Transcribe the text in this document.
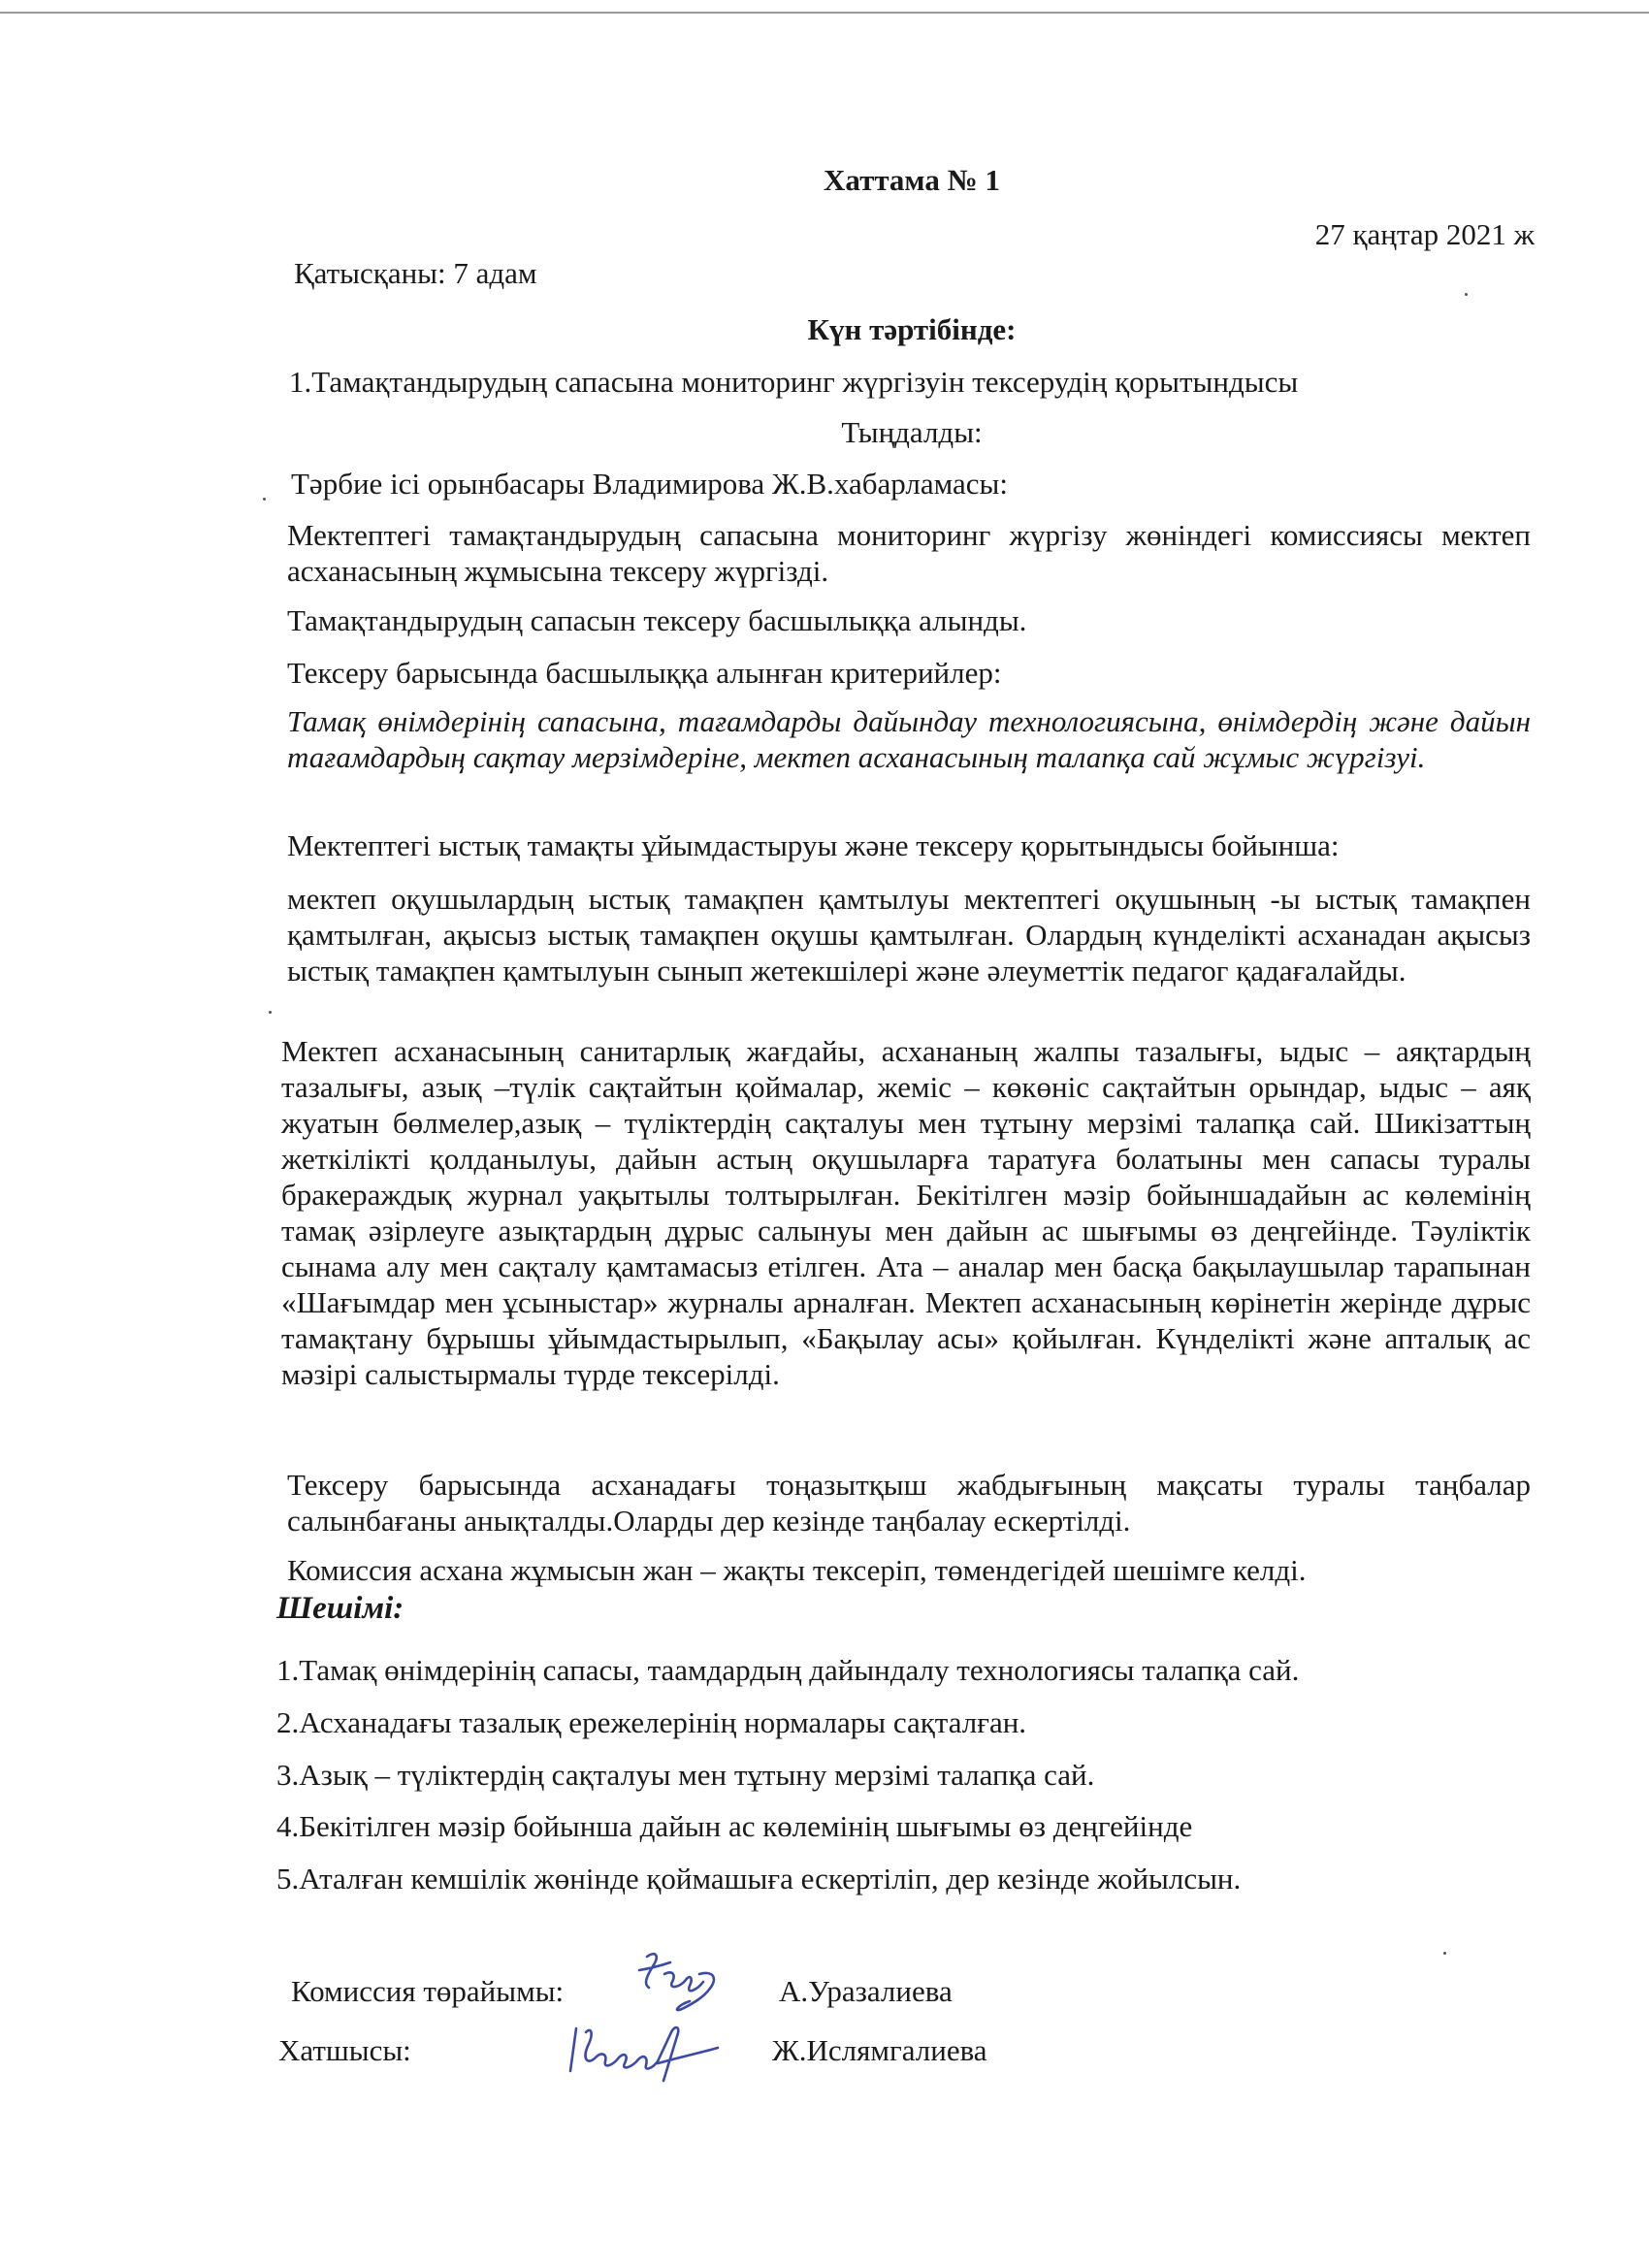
Хаттама № 1
27 қаңтар 2021 ж
Қатысқаны: 7 адам
Күн тәртібінде:
1.Тамақтандырудың сапасына мониторинг жүргізуін тексерудің қорытындысы
Тыңдалды:
Тәрбие ісі орынбасары Владимирова Ж.В.хабарламасы:
Мектептегі тамақтандырудың сапасына мониторинг жүргізу жөніндегі комиссиясы мектеп асханасының жұмысына тексеру жүргізді.
Тамақтандырудың сапасын тексеру басшылыққа алынды.
Тексеру барысында басшылыққа алынған критерийлер:
Тамақ өнімдерінің сапасына, тағамдарды дайындау технологиясына, өнімдердің және дайын тағамдардың сақтау мерзімдеріне, мектеп асханасының талапқа сай жұмыс жүргізуі.
Мектептегі ыстық тамақты ұйымдастыруы және тексеру қорытындысы бойынша:
мектеп оқушылардың ыстық тамақпен қамтылуы мектептегі оқушының -ы ыстық тамақпен қамтылған, ақысыз ыстық тамақпен оқушы қамтылған. Олардың күнделікті асханадан ақысыз ыстық тамақпен қамтылуын сынып жетекшілері және әлеуметтік педагог қадағалайды.
Мектеп асханасының санитарлық жағдайы, асхананың жалпы тазалығы, ыдыс – аяқтардың тазалығы, азық –түлік сақтайтын қоймалар, жеміс – көкөніс сақтайтын орындар, ыдыс – аяқ жуатын бөлмелер,азық – түліктердің сақталуы мен тұтыну мерзімі талапқа сай. Шикізаттың жеткілікті қолданылуы, дайын астың оқушыларға таратуға болатыны мен сапасы туралы бракераждық журнал уақытылы толтырылған. Бекітілген мәзір бойыншадайын ас көлемінің тамақ әзірлеуге азықтардың дұрыс салынуы мен дайын ас шығымы өз деңгейінде. Тәуліктік сынама алу мен сақталу қамтамасыз етілген. Ата – аналар мен басқа бақылаушылар тарапынан «Шағымдар мен ұсыныстар» журналы арналған. Мектеп асханасының көрінетін жерінде дұрыс тамақтану бұрышы ұйымдастырылып, «Бақылау асы» қойылған. Күнделікті және апталық ас мәзірі салыстырмалы түрде тексерілді.
Тексеру барысында асханадағы тоңазытқыш жабдығының мақсаты туралы таңбалар салынбағаны анықталды.Оларды дер кезінде таңбалау ескертілді.
Комиссия асхана жұмысын жан – жақты тексеріп, төмендегідей шешімге келді.
Шешімі:
1.Тамақ өнімдерінің сапасы, таамдардың дайындалу технологиясы талапқа сай.
2.Асханадағы тазалық ережелерінің нормалары сақталған.
3.Азық – түліктердің сақталуы мен тұтыну мерзімі талапқа сай.
4.Бекітілген мәзір бойынша дайын ас көлемінің шығымы өз деңгейінде
5.Аталған кемшілік жөнінде қоймашыға ескертіліп, дер кезінде жойылсын.
Комиссия төрайымы:	А.Уразалиева
Хатшысы:	Ж.Ислямгалиева
